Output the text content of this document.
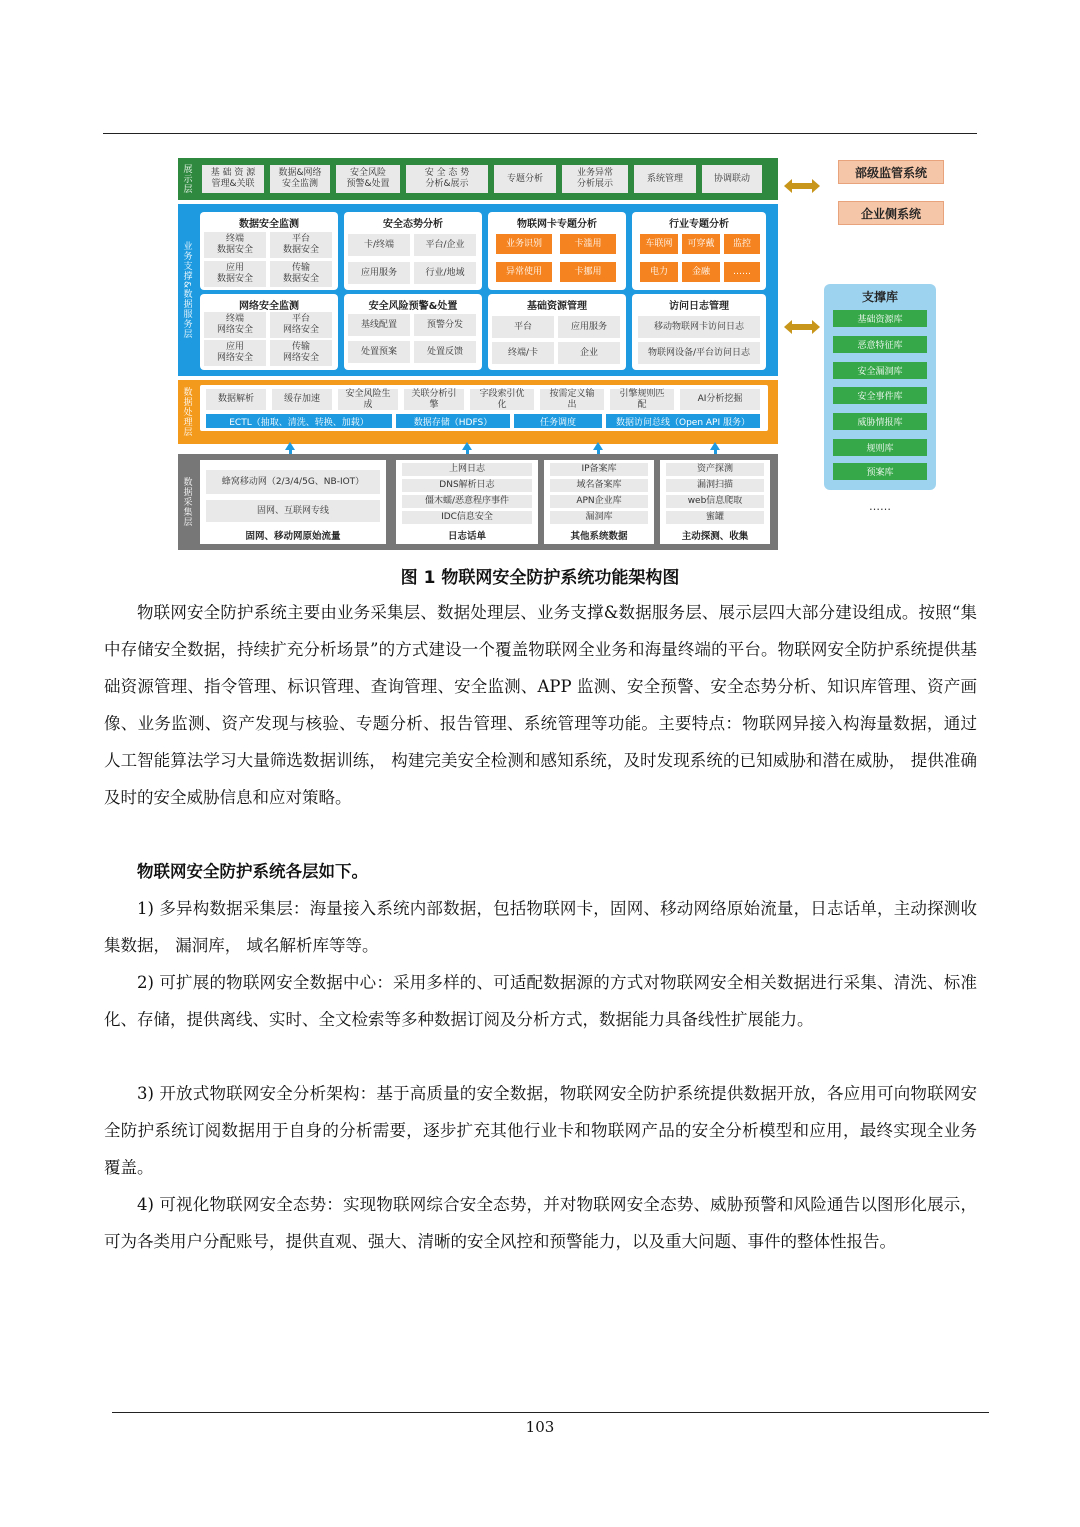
展示层	基 础 资 源
管理&关联
数据&网络
安全监测
安全风险
预警&处置
安 全 态 势
分析&展示
专题分析
业务异常
分析展示
系统管理	协调联动
业务支撑&数据服务层
数据安全监测
终端
数据安全
平台
数据安全
应用
数据安全
传输
数据安全
安全态势分析
卡/终端	平台/企业
应用服务	行业/地域
物联网卡专题分析
业务识别	卡滥用
异常使用	卡挪用
行业专题分析
车联网	可穿戴	监控
电力	金融	……
网络安全监测
终端
网络安全
平台
网络安全
应用
网络安全
传输
网络安全
安全风险预警&处置
基线配置	预警分发
处置预案	处置反馈
基础资源管理
平台	应用服务
终端/卡	企业
访问日志管理
移动物联网卡访问日志
物联网设备/平台访问日志
数据处理层	数据解析	缓存加速
安全风险生
成
关联分析引
擎
字段索引优
化
按需定义输
出
引擎规则匹
配
AI分析挖掘
ECTL（抽取、清洗、转换、加载）	数据存储（HDFS）	任务调度	数据访问总线（Open API 服务）
数据采集层	蜂窝移动网（2/3/4/5G、NB-IOT）
固网、互联网专线
固网、移动网原始流量
上网日志
DNS解析日志
僵木蠕/恶意程序事件
IDC信息安全
日志话单
IP备案库
域名备案库
APN企业库
漏洞库
其他系统数据
资产探测
漏洞扫描
web信息爬取
蜜罐
主动探测、收集
部级监管系统
企业侧系统
支撑库
基础资源库
恶意特征库
安全漏洞库
安全事件库
威胁情报库
规则库
预案库
……
图 1 物联网安全防护系统功能架构图

物联网安全防护系统主要由业务采集层、数据处理层、业务支撑&数据服务层、展示层四大部分建设组成。按照“集中存储安全数据，持续扩充分析场景”的方式建设一个覆盖物联网全业务和海量终端的平台。物联网安全防护系统提供基础资源管理、指令管理、标识管理、查询管理、安全监测、APP 监测、安全预警、安全态势分析、知识库管理、资产画像、业务监测、资产发现与核验、专题分析、报告管理、系统管理等功能。主要特点：物联网异接入构海量数据，通过人工智能算法学习大量筛选数据训练， 构建完美安全检测和感知系统，及时发现系统的已知威胁和潜在威胁， 提供准确及时的安全威胁信息和应对策略。

物联网安全防护系统各层如下。

1) 多异构数据采集层：海量接入系统内部数据，包括物联网卡，固网、移动网络原始流量，日志话单，主动探测收集数据， 漏洞库， 域名解析库等等。

2) 可扩展的物联网安全数据中心：采用多样的、可适配数据源的方式对物联网安全相关数据进行采集、清洗、标准化、存储，提供离线、实时、全文检索等多种数据订阅及分析方式，数据能力具备线性扩展能力。

3) 开放式物联网安全分析架构：基于高质量的安全数据，物联网安全防护系统提供数据开放，各应用可向物联网安全防护系统订阅数据用于自身的分析需要，逐步扩充其他行业卡和物联网产品的安全分析模型和应用，最终实现全业务覆盖。

4) 可视化物联网安全态势：实现物联网综合安全态势，并对物联网安全态势、威胁预警和风险通告以图形化展示，可为各类用户分配账号，提供直观、强大、清晰的安全风控和预警能力，以及重大问题、事件的整体性报告。

103
